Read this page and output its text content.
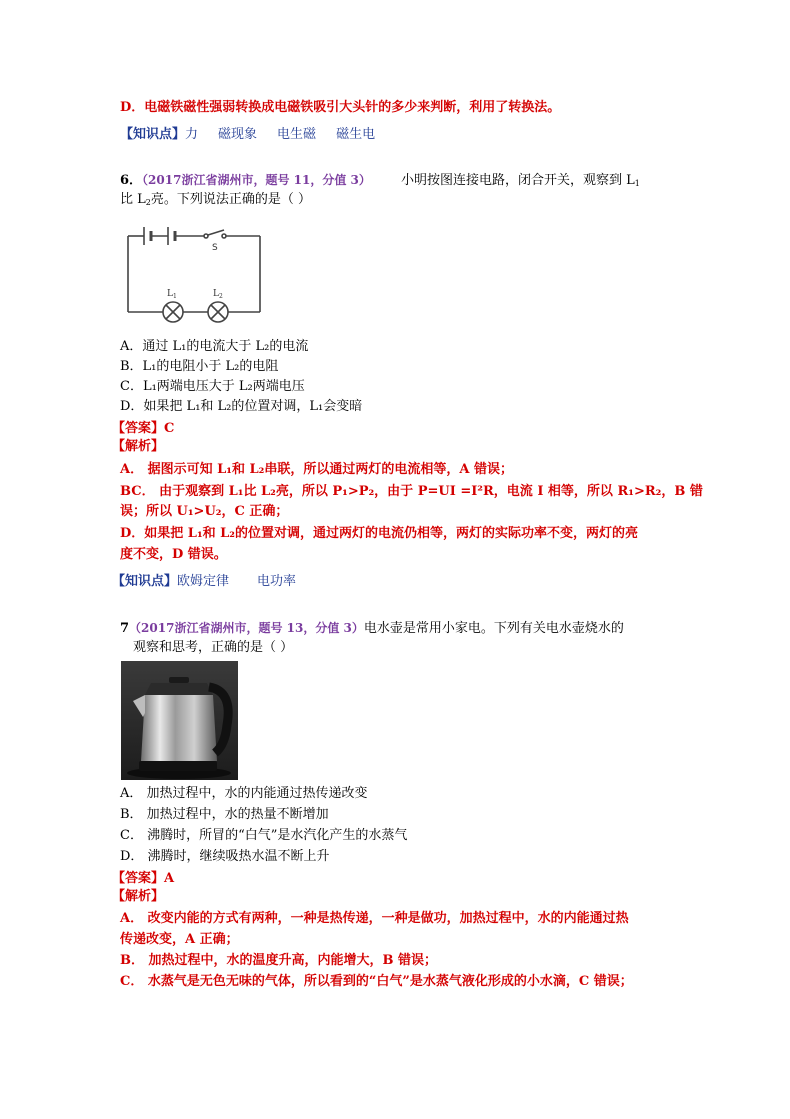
D．电磁铁磁性强弱转换成电磁铁吸引大头针的多少来判断，利用了转换法。
【知识点】力 磁现象 电生磁 磁生电
6．（2017浙江省湖州市，题号 11，分值 3） 小明按图连接电路，闭合开关，观察到 $L_1$
比 $L_2$亮。下列说法正确的是（ ）
S
$L_1$	$L_2$
A．通过 L₁的电流大于 L₂的电流
B．L₁的电阻小于 L₂的电阻
C．L₁两端电压大于 L₂两端电压
D．如果把 L₁和 L₂的位置对调，L₁会变暗
【答案】C
【解析】
A． 据图示可知 L₁和 L₂串联，所以通过两灯的电流相等，A 错误；
BC． 由于观察到 L₁比 L₂亮，所以 P₁>P₂，由于 P=UI =I²R，电流 I 相等，所以 R₁>R₂，B 错
误；所以 U₁>U₂，C 正确；
D．如果把 L₁和 L₂的位置对调，通过两灯的电流仍相等，两灯的实际功率不变，两灯的亮
度不变，D 错误。
【知识点】欧姆定律 电功率
7（2017浙江省湖州市，题号 13，分值 3）电水壶是常用小家电。下列有关电水壶烧水的
观察和思考，正确的是（ ）
A． 加热过程中，水的内能通过热传递改变
B． 加热过程中，水的热量不断增加
C． 沸腾时，所冒的“白气”是水汽化产生的水蒸气
D． 沸腾时，继续吸热水温不断上升
【答案】A
【解析】
A． 改变内能的方式有两种，一种是热传递，一种是做功，加热过程中，水的内能通过热
传递改变，A 正确；
B． 加热过程中，水的温度升高，内能增大，B 错误；
C． 水蒸气是无色无味的气体，所以看到的“白气”是水蒸气液化形成的小水滴，C 错误；
